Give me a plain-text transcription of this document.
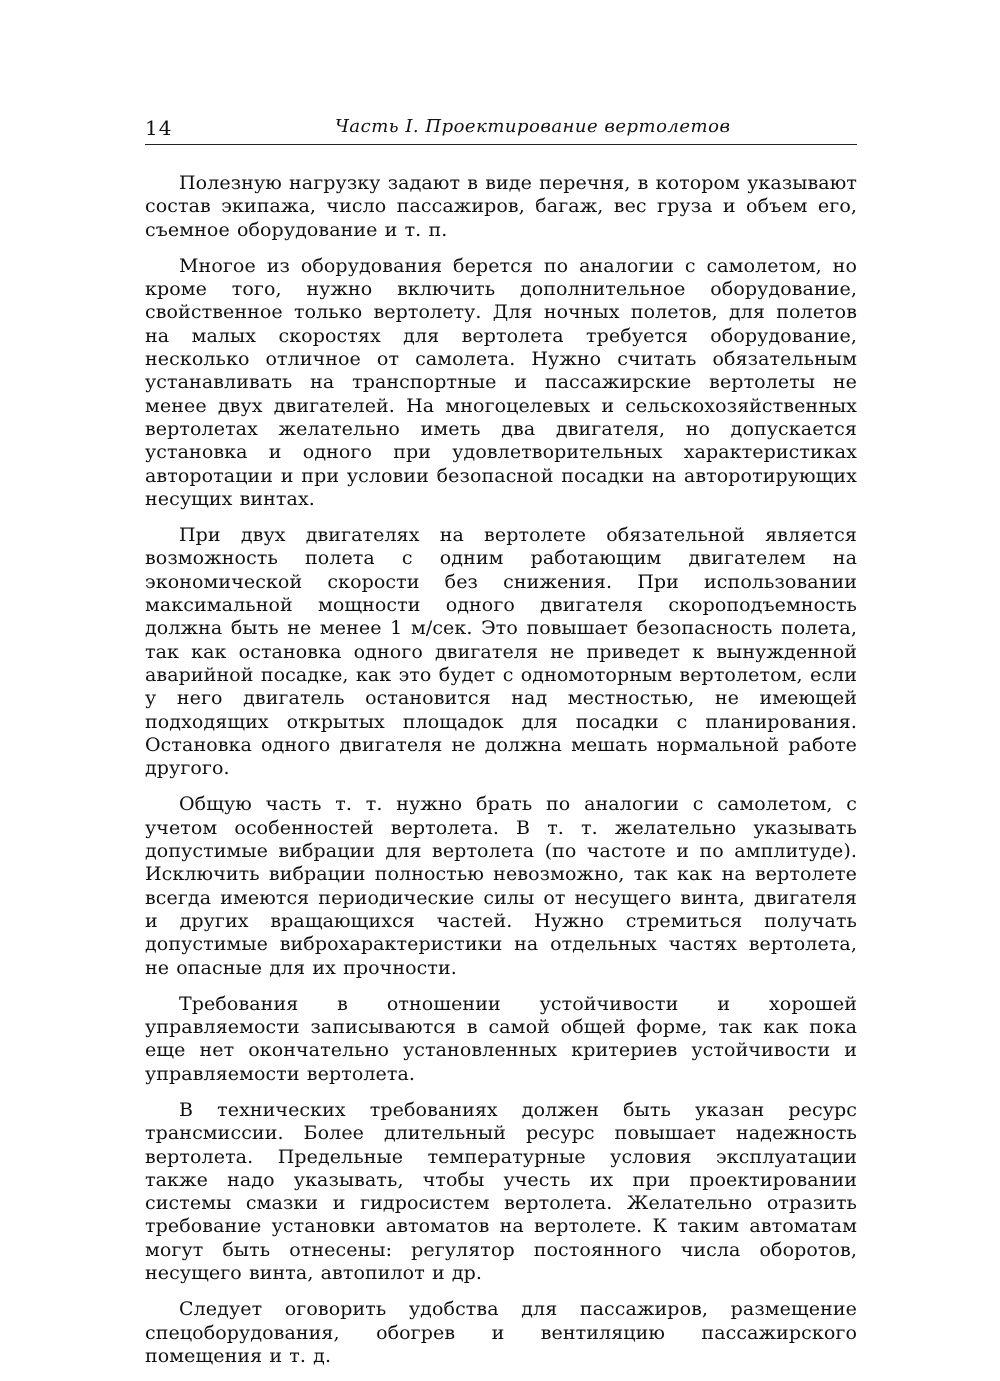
14	Часть I. Проектирование вертолетов

Полезную нагрузку задают в виде перечня, в котором указывают состав экипажа, число пассажиров, багаж, вес груза и объем его, съемное оборудование и т. п.

Многое из оборудования берется по аналогии с самолетом, но кроме того, нужно включить дополнительное оборудование, свойственное только вертолету. Для ночных полетов, для полетов на малых скоростях для вертолета требуется оборудование, несколько отличное от самолета. Нужно считать обязательным устанавливать на транспортные и пассажирские вертолеты не менее двух двигателей. На многоцелевых и сельскохозяйственных вертолетах желательно иметь два двигателя, но допускается установка и одного при удовлетворительных характеристиках авторотации и при условии безопасной посадки на авторотирующих несущих винтах.

При двух двигателях на вертолете обязательной является возможность полета с одним работающим двигателем на экономической скорости без снижения. При использовании максимальной мощности одного двигателя скороподъемность должна быть не менее 1 м/сек. Это повышает безопасность полета, так как остановка одного двигателя не приведет к вынужденной аварийной посадке, как это будет с одномоторным вертолетом, если у него двигатель остановится над местностью, не имеющей подходящих открытых площадок для посадки с планирования. Остановка одного двигателя не должна мешать нормальной работе другого.

Общую часть т. т. нужно брать по аналогии с самолетом, с учетом особенностей вертолета. В т. т. желательно указывать допустимые вибрации для вертолета (по частоте и по амплитуде). Исключить вибрации полностью невозможно, так как на вертолете всегда имеются периодические силы от несущего винта, двигателя и других вращающихся частей. Нужно стремиться получать допустимые виброхарактеристики на отдельных частях вертолета, не опасные для их прочности.

Требования в отношении устойчивости и хорошей управляемости записываются в самой общей форме, так как пока еще нет окончательно установленных критериев устойчивости и управляемости вертолета.

В технических требованиях должен быть указан ресурс трансмиссии. Более длительный ресурс повышает надежность вертолета. Предельные температурные условия эксплуатации также надо указывать, чтобы учесть их при проектировании системы смазки и гидросистем вертолета. Желательно отразить требование установки автоматов на вертолете. К таким автоматам могут быть отнесены: регулятор постоянного числа оборотов, несущего винта, автопилот и др.

Следует оговорить удобства для пассажиров, размещение спецоборудования, обогрев и вентиляцию пассажирского помещения и т. д.
